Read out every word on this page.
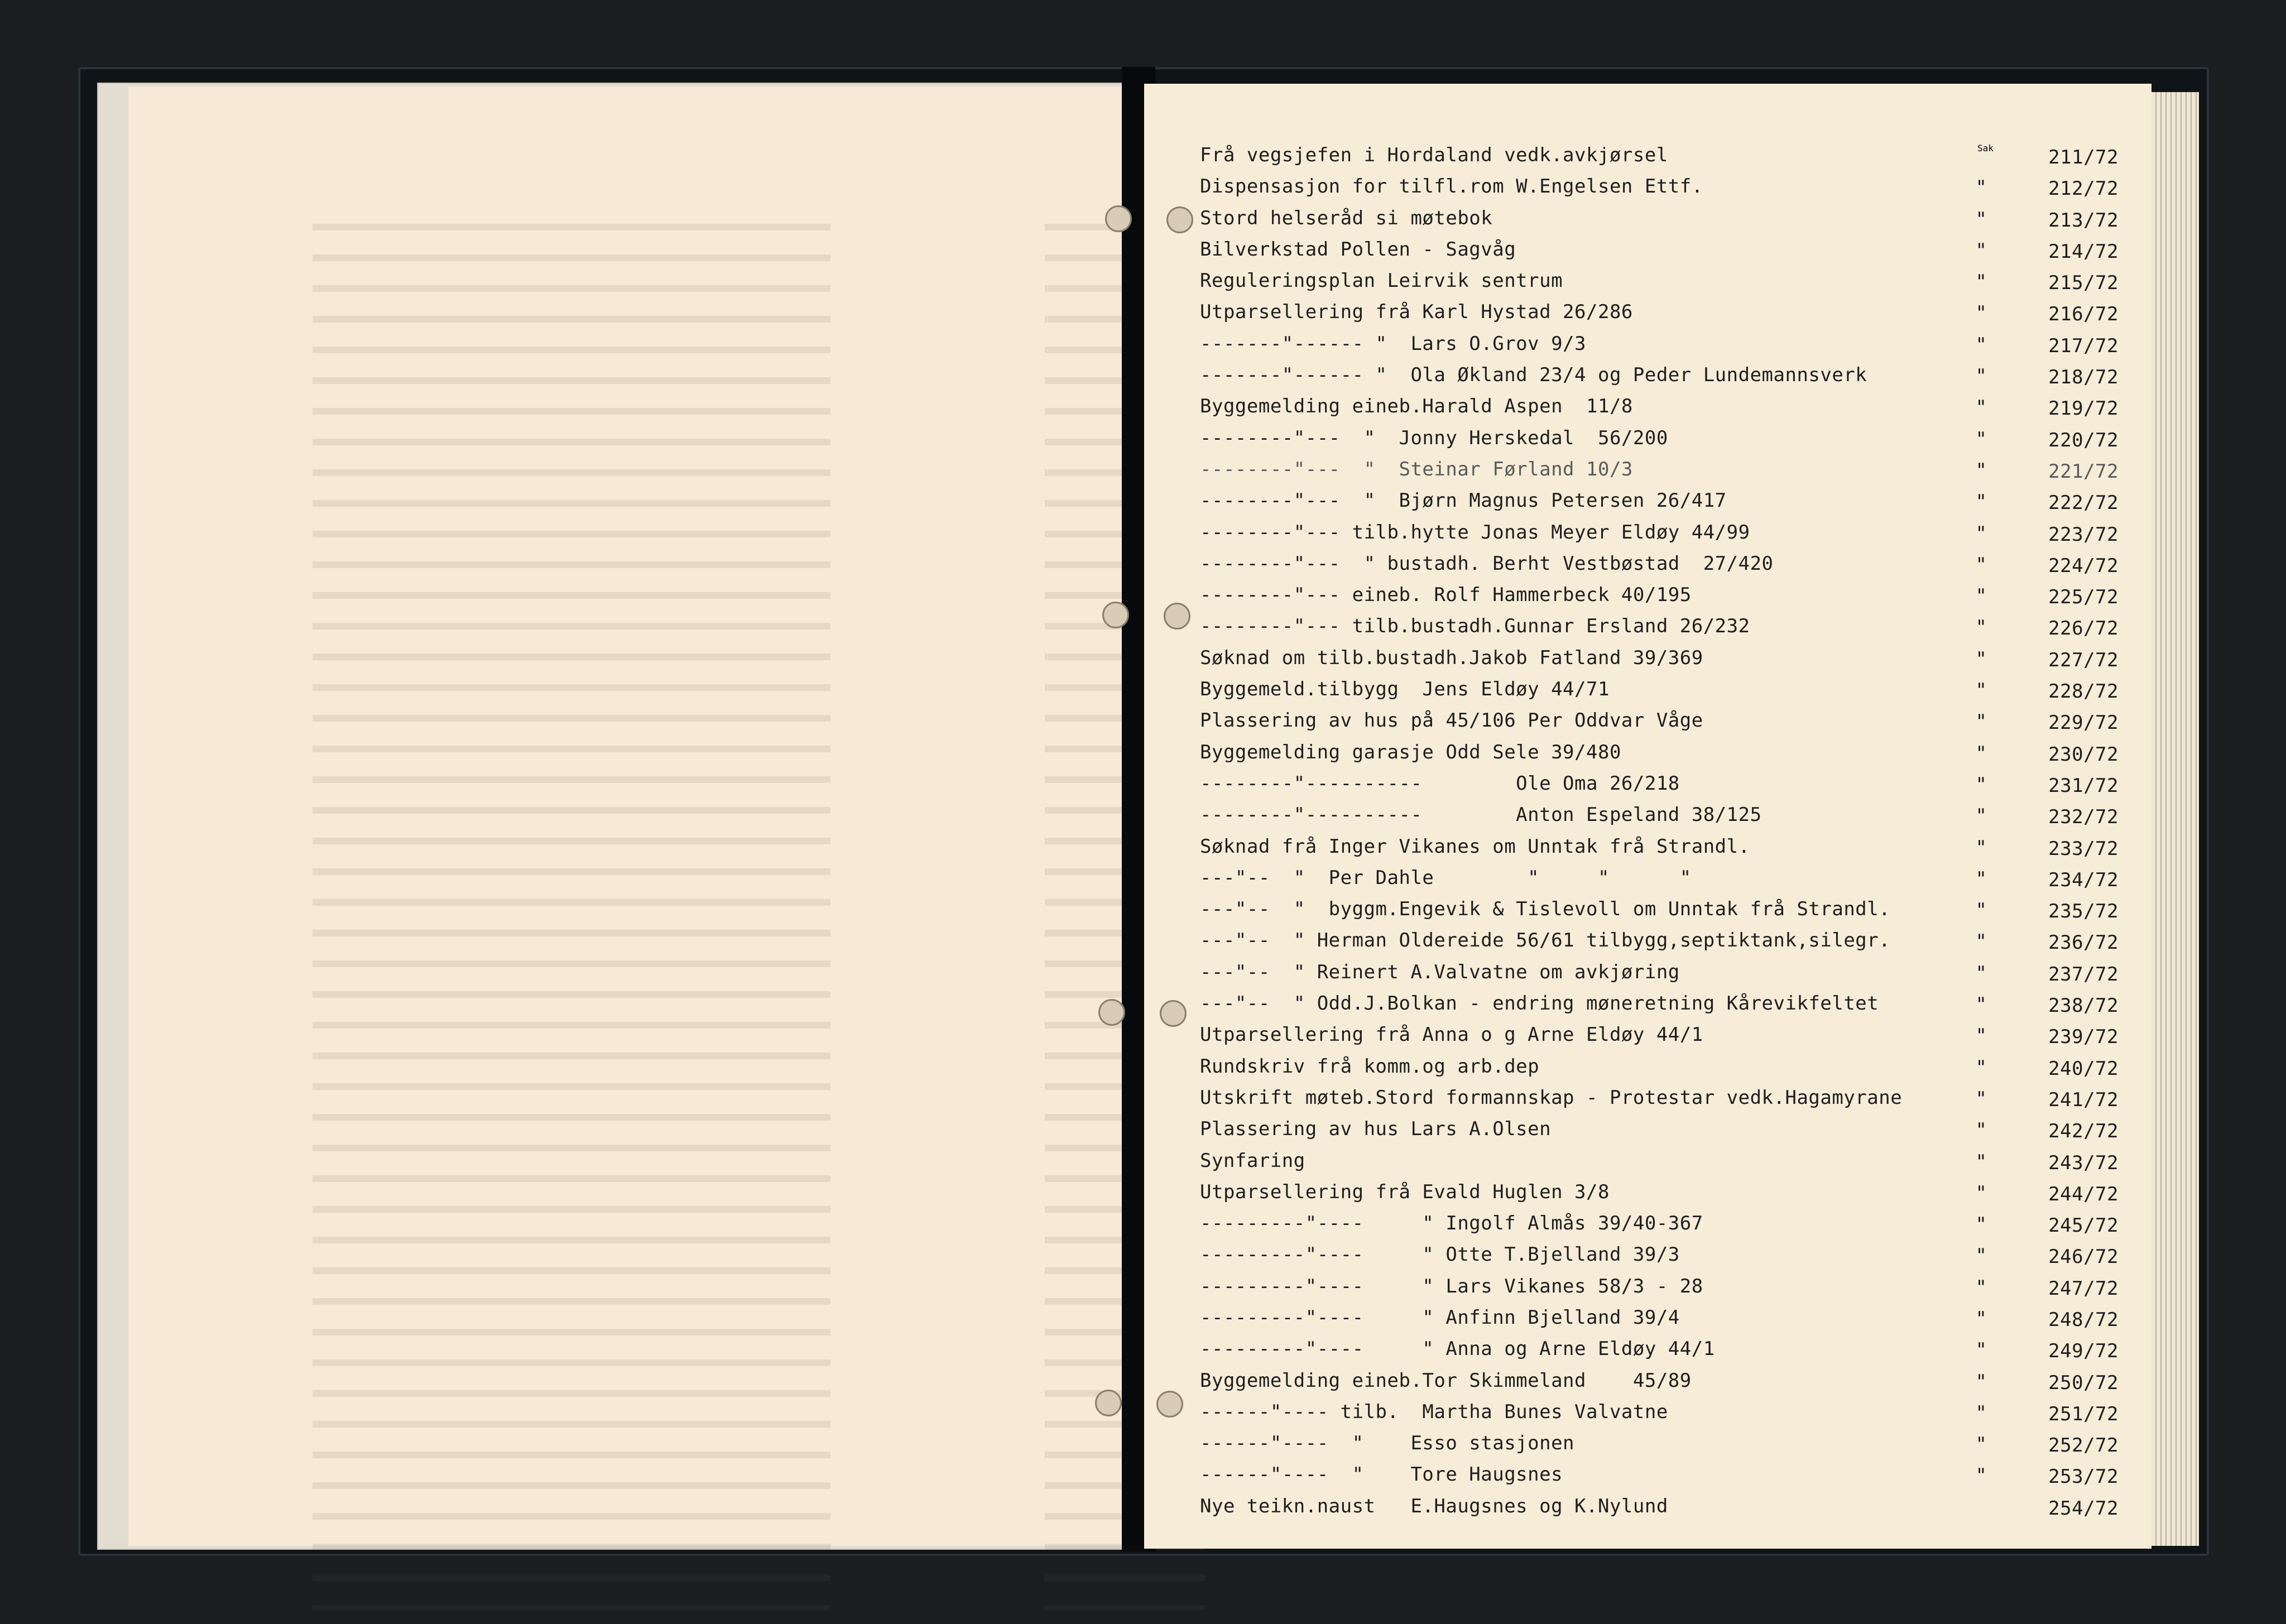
Sak
Frå vegsjefen i Hordaland vedk.avkjørsel	211/72
Dispensasjon for tilfl.rom W.Engelsen Ettf.	"	212/72
Stord helseråd si møtebok	"	213/72
Bilverkstad Pollen - Sagvåg	"	214/72
Reguleringsplan Leirvik sentrum	"	215/72
Utparsellering frå Karl Hystad 26/286	"	216/72
-------"------ "  Lars O.Grov 9/3	"	217/72
-------"------ "  Ola Økland 23/4 og Peder Lundemannsverk	"	218/72
Byggemelding eineb.Harald Aspen  11/8	"	219/72
--------"---  "  Jonny Herskedal  56/200	"	220/72
--------"---  "  Steinar Førland 10/3	"	221/72
--------"---  "  Bjørn Magnus Petersen 26/417	"	222/72
--------"--- tilb.hytte Jonas Meyer Eldøy 44/99	"	223/72
--------"---  " bustadh. Berht Vestbøstad  27/420	"	224/72
--------"--- eineb. Rolf Hammerbeck 40/195	"	225/72
--------"--- tilb.bustadh.Gunnar Ersland 26/232	"	226/72
Søknad om tilb.bustadh.Jakob Fatland 39/369	"	227/72
Byggemeld.tilbygg  Jens Eldøy 44/71	"	228/72
Plassering av hus på 45/106 Per Oddvar Våge	"	229/72
Byggemelding garasje Odd Sele 39/480	"	230/72
--------"----------        Ole Oma 26/218	"	231/72
--------"----------        Anton Espeland 38/125	"	232/72
Søknad frå Inger Vikanes om Unntak frå Strandl.	"	233/72
---"--  "  Per Dahle        "     "      "	"	234/72
---"--  "  byggm.Engevik & Tislevoll om Unntak frå Strandl.	"	235/72
---"--  " Herman Oldereide 56/61 tilbygg,septiktank,silegr.	"	236/72
---"--  " Reinert A.Valvatne om avkjøring	"	237/72
---"--  " Odd.J.Bolkan - endring møneretning Kårevikfeltet	"	238/72
Utparsellering frå Anna o g Arne Eldøy 44/1	"	239/72
Rundskriv frå komm.og arb.dep	"	240/72
Utskrift møteb.Stord formannskap - Protestar vedk.Hagamyrane	"	241/72
Plassering av hus Lars A.Olsen	"	242/72
Synfaring	"	243/72
Utparsellering frå Evald Huglen 3/8	"	244/72
---------"----     " Ingolf Almås 39/40-367	"	245/72
---------"----     " Otte T.Bjelland 39/3	"	246/72
---------"----     " Lars Vikanes 58/3 - 28	"	247/72
---------"----     " Anfinn Bjelland 39/4	"	248/72
---------"----     " Anna og Arne Eldøy 44/1	"	249/72
Byggemelding eineb.Tor Skimmeland    45/89	"	250/72
------"---- tilb.  Martha Bunes Valvatne	"	251/72
------"----  "    Esso stasjonen	"	252/72
------"----  "    Tore Haugsnes	"	253/72
Nye teikn.naust   E.Haugsnes og K.Nylund	254/72
